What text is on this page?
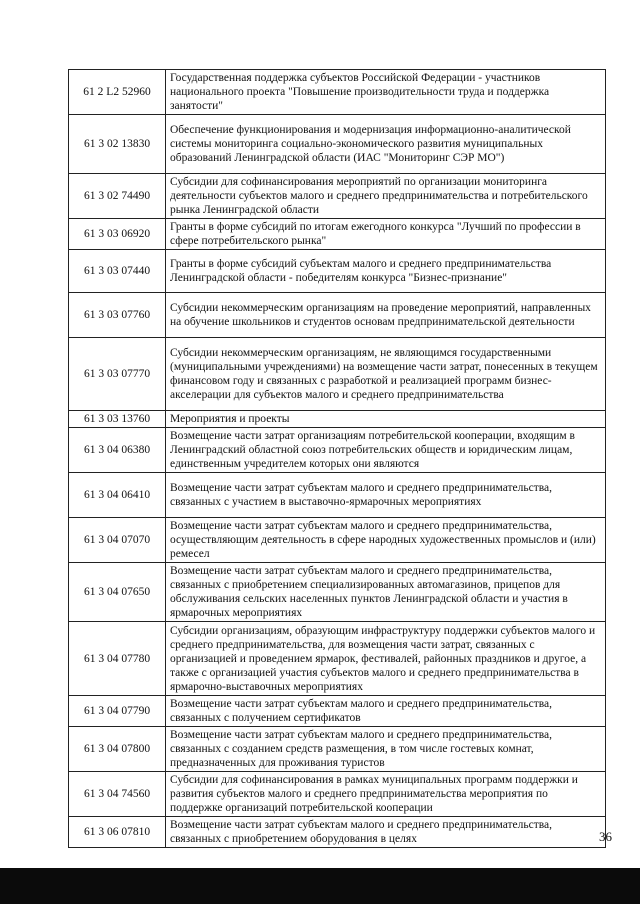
61 2 L2 52960	Государственная поддержка субъектов Российской Федерации - участников национального проекта "Повышение производительности труда и поддержка занятости"
61 3 02 13830	Обеспечение функционирования и модернизация информационно-аналитической системы мониторинга социально-экономического развития муниципальных образований Ленинградской области (ИАС "Мониторинг СЭР МО")
61 3 02 74490	Субсидии для софинансирования мероприятий по организации мониторинга деятельности субъектов малого и среднего предпринимательства и потребительского рынка Ленинградской области
61 3 03 06920	Гранты в форме субсидий по итогам ежегодного конкурса "Лучший по профессии в сфере потребительского рынка"
61 3 03 07440	Гранты в форме субсидий субъектам малого и среднего предпринимательства Ленинградской области - победителям конкурса "Бизнес-признание"
61 3 03 07760	Субсидии некоммерческим организациям на проведение мероприятий, направленных на обучение школьников и студентов основам предпринимательской деятельности
61 3 03 07770	Субсидии некоммерческим организациям, не являющимся государственными (муниципальными учреждениями) на возмещение части затрат, понесенных в текущем финансовом году и связанных с разработкой и реализацией программ бизнес-акселерации для субъектов малого и среднего предпринимательства
61 3 03 13760	Мероприятия и проекты
61 3 04 06380	Возмещение части затрат организациям потребительской кооперации, входящим в Ленинградский областной союз потребительских обществ и юридическим лицам, единственным учредителем которых они являются
61 3 04 06410	Возмещение части затрат субъектам малого и среднего предпринимательства, связанных с участием в выставочно-ярмарочных мероприятиях
61 3 04 07070	Возмещение части затрат субъектам малого и среднего предпринимательства, осуществляющим деятельность в сфере народных художественных промыслов и (или) ремесел
61 3 04 07650	Возмещение части затрат субъектам малого и среднего предпринимательства, связанных с приобретением специализированных автомагазинов, прицепов для обслуживания сельских населенных пунктов Ленинградской области и участия в ярмарочных мероприятиях
61 3 04 07780	Субсидии организациям, образующим инфраструктуру поддержки субъектов малого и среднего предпринимательства, для возмещения части затрат, связанных с организацией и проведением ярмарок, фестивалей, районных праздников и другое, а также с организацией участия субъектов малого и среднего предпринимательства в ярмарочно-выставочных мероприятиях
61 3 04 07790	Возмещение части затрат субъектам малого и среднего предпринимательства, связанных с получением сертификатов
61 3 04 07800	Возмещение части затрат субъектам малого и среднего предпринимательства, связанных с созданием средств размещения, в том числе гостевых комнат, предназначенных для проживания туристов
61 3 04 74560	Субсидии для софинансирования в рамках муниципальных программ поддержки и развития субъектов малого и среднего предпринимательства мероприятия по поддержке организаций потребительской кооперации
61 3 06 07810	Возмещение части затрат субъектам малого и среднего предпринимательства, связанных с приобретением оборудования в целях	36
